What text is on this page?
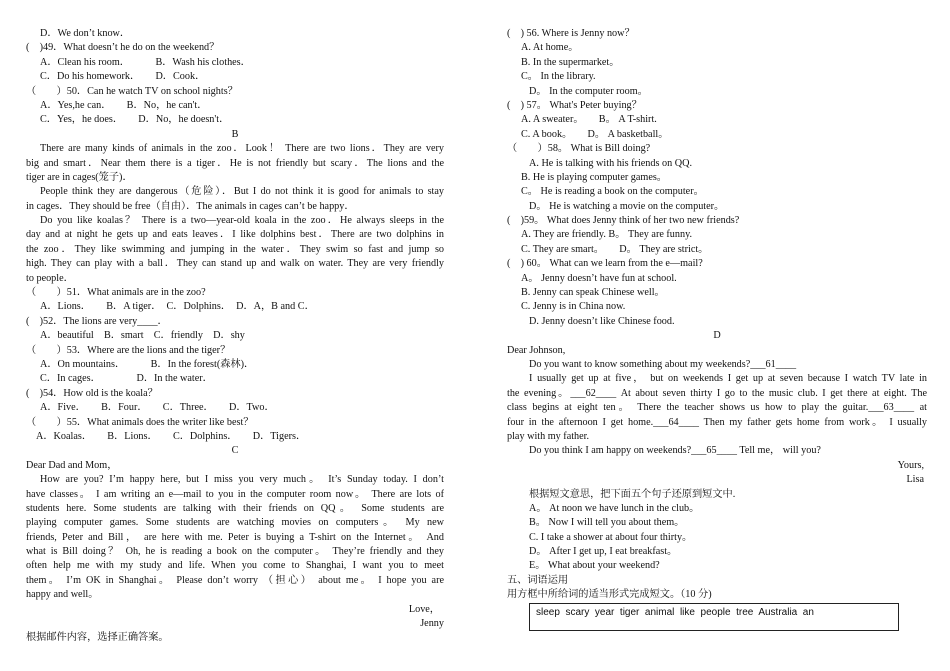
D．We don’t know．
(　)49．What doesn’t he do on the weekend？
A．Clean his room．　　　B．Wash his clothes．
C．Do his homework．　　D．Cook．
（　　）50．Can he watch TV on school nights？
A．Yes,he can．　　B．No，he can't．
C．Yes，he does．　　D．No，he doesn't．
B
There are many kinds of animals in the zoo．Look！ There are two lions．They are very
big and smart．Near them there is a tiger．He is not friendly but scary．The lions and the
tiger are in cages(笼子)．
People think they are dangerous（危险）．But I do not think it is good for animals to stay
in cages．They should be free（自由）．The animals in cages can’t be happy．
Do you like koalas？ There is a two—year-old koala in the zoo．He always sleeps in the
day and at night he gets up and eats leaves．I like dolphins best．There are two dolphins in
the zoo．They like swimming and jumping in the water．They swim so fast and jump so
high. They can play with a ball．They can stand up and walk on water. They are very friendly
to people．
（　　）51．What animals are in the zoo?
A．Lions．　　B．A tiger．　C．Dolphins．　D．A，B and C．
(　)52．The lions are very____．
A．beautiful　B．smart　C．friendly　D．shy
（　　）53．Where are the lions and the tiger？
A．On mountains．　　　B．In the forest(森林)．
C．In cages．　　　　D．In the water．
(　)54．How old is the koala？
A．Five．　　B．Four．　　C．Three．　　D．Two．
（　　）55．What animals does the writer like best？
A．Koalas．　　B．Lions．　　C．Dolphins．　　D．Tigers．
C
Dear Dad and Mom，
How are you? I’m happy here, but I miss you very much。 It’s Sunday today. I don’t
have classes。 I am writing an e—mail to you in the computer room now。 There are lots of
students here. Some students are talking with their friends on QQ。 Some students are
playing computer games. Some students are watching movies on computers。 My new
friends, Peter and Bill， are here with me. Peter is buying a T-shirt on the Internet。 And
what is Bill doing？ Oh, he is reading a book on the computer。 They’re friendly and they
often help me with my study and life. When you come to Shanghai, I want you to meet
them。 I’m OK in Shanghai。 Please don’t worry （担心） about me。 I hope you are
happy and well。
Love，
Jenny
根据邮件内容，选择正确答案。
(　) 56. Where is Jenny now？
A. At home。
B. In the supermarket。
C。 In the library.
D。 In the computer room。
(　) 57。 What's Peter buying？
A. A sweater。　　B。 A T-shirt.
C. A book。　　D。 A basketball。
（　　）58。 What is Bill doing?
A. He is talking with his friends on QQ.
B. He is playing computer games。
C。 He is reading a book on the computer。
D。 He is watching a movie on the computer。
(　)59。 What does Jenny think of her two new friends?
A. They are friendly. B。 They are funny.
C. They are smart。　　D。 They are strict。
(　) 60。 What can we learn from the e—mail?
A。 Jenny doesn’t have fun at school.
B. Jenny can speak Chinese well。
C. Jenny is in China now.
D. Jenny doesn’t like Chinese food.
D
Dear Johnson,
Do you want to know something about my weekends?___61____
I usually get up at five， but on weekends I get up at seven because I watch TV late in
the evening。___62____ At about seven thirty I go to the music club. I get there at eight. The
class begins at eight ten。 There the teacher shows us how to play the guitar.___63____ at
four in the afternoon I get home.___64____ Then my father gets home from work。 I usually
play with my father.
Do you think I am happy on weekends?___65____ Tell me， will you?
Yours,
Lisa
根据短文意思，把下面五个句子还原到短文中.
A。 At noon we have lunch in the club。
B。 Now I will tell you about them。
C. I take a shower at about four thirty。
D。 After I get up, I eat breakfast。
E。 What about your weekend?
五、词语运用
用方框中所给词的适当形式完成短文。（10 分)
sleep  scary  year  tiger  animal  like  people  tree  Australia  an
